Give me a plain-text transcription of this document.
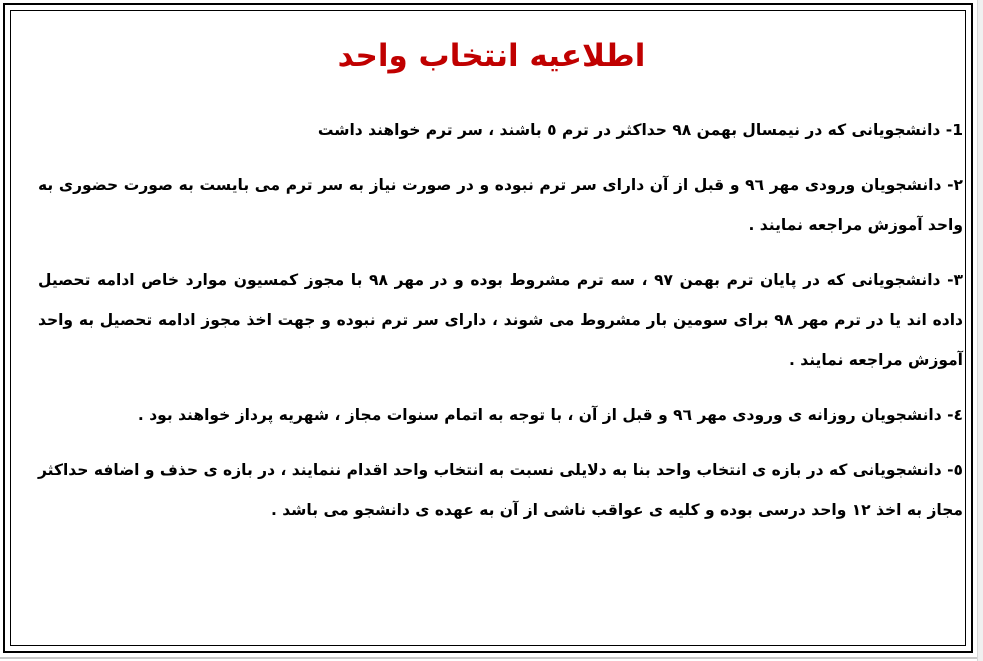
اطلاعیه انتخاب واحد
1- دانشجویانی که در نیمسال بهمن ۹۸ حداکثر در ترم ٥ باشند ، سر ترم خواهند داشت
۲- دانشجویان ورودی مهر ۹٦ و قبل از آن دارای سر ترم نبوده و در صورت نیاز به سر ترم می بایست به صورت حضوری به واحد آموزش مراجعه نمایند .
۳- دانشجویانی که در پایان ترم بهمن ۹۷ ، سه ترم مشروط بوده و در مهر ۹۸ با مجوز کمسیون موارد خاص ادامه تحصیل داده اند یا در ترم مهر ۹۸ برای سومین بار مشروط می شوند ، دارای سر ترم نبوده و جهت اخذ مجوز ادامه تحصیل به واحد آموزش مراجعه نمایند .
٤- دانشجویان روزانه ی ورودی مهر ۹٦ و قبل از آن ، با توجه به اتمام سنوات مجاز ، شهریه پرداز خواهند بود .
٥- دانشجویانی که در بازه ی انتخاب واحد بنا به دلایلی نسبت به انتخاب واحد اقدام ننمایند ، در بازه ی حذف و اضافه حداکثر مجاز به اخذ ۱۲ واحد درسی بوده و کلیه ی عواقب ناشی از آن به عهده ی دانشجو می باشد .
